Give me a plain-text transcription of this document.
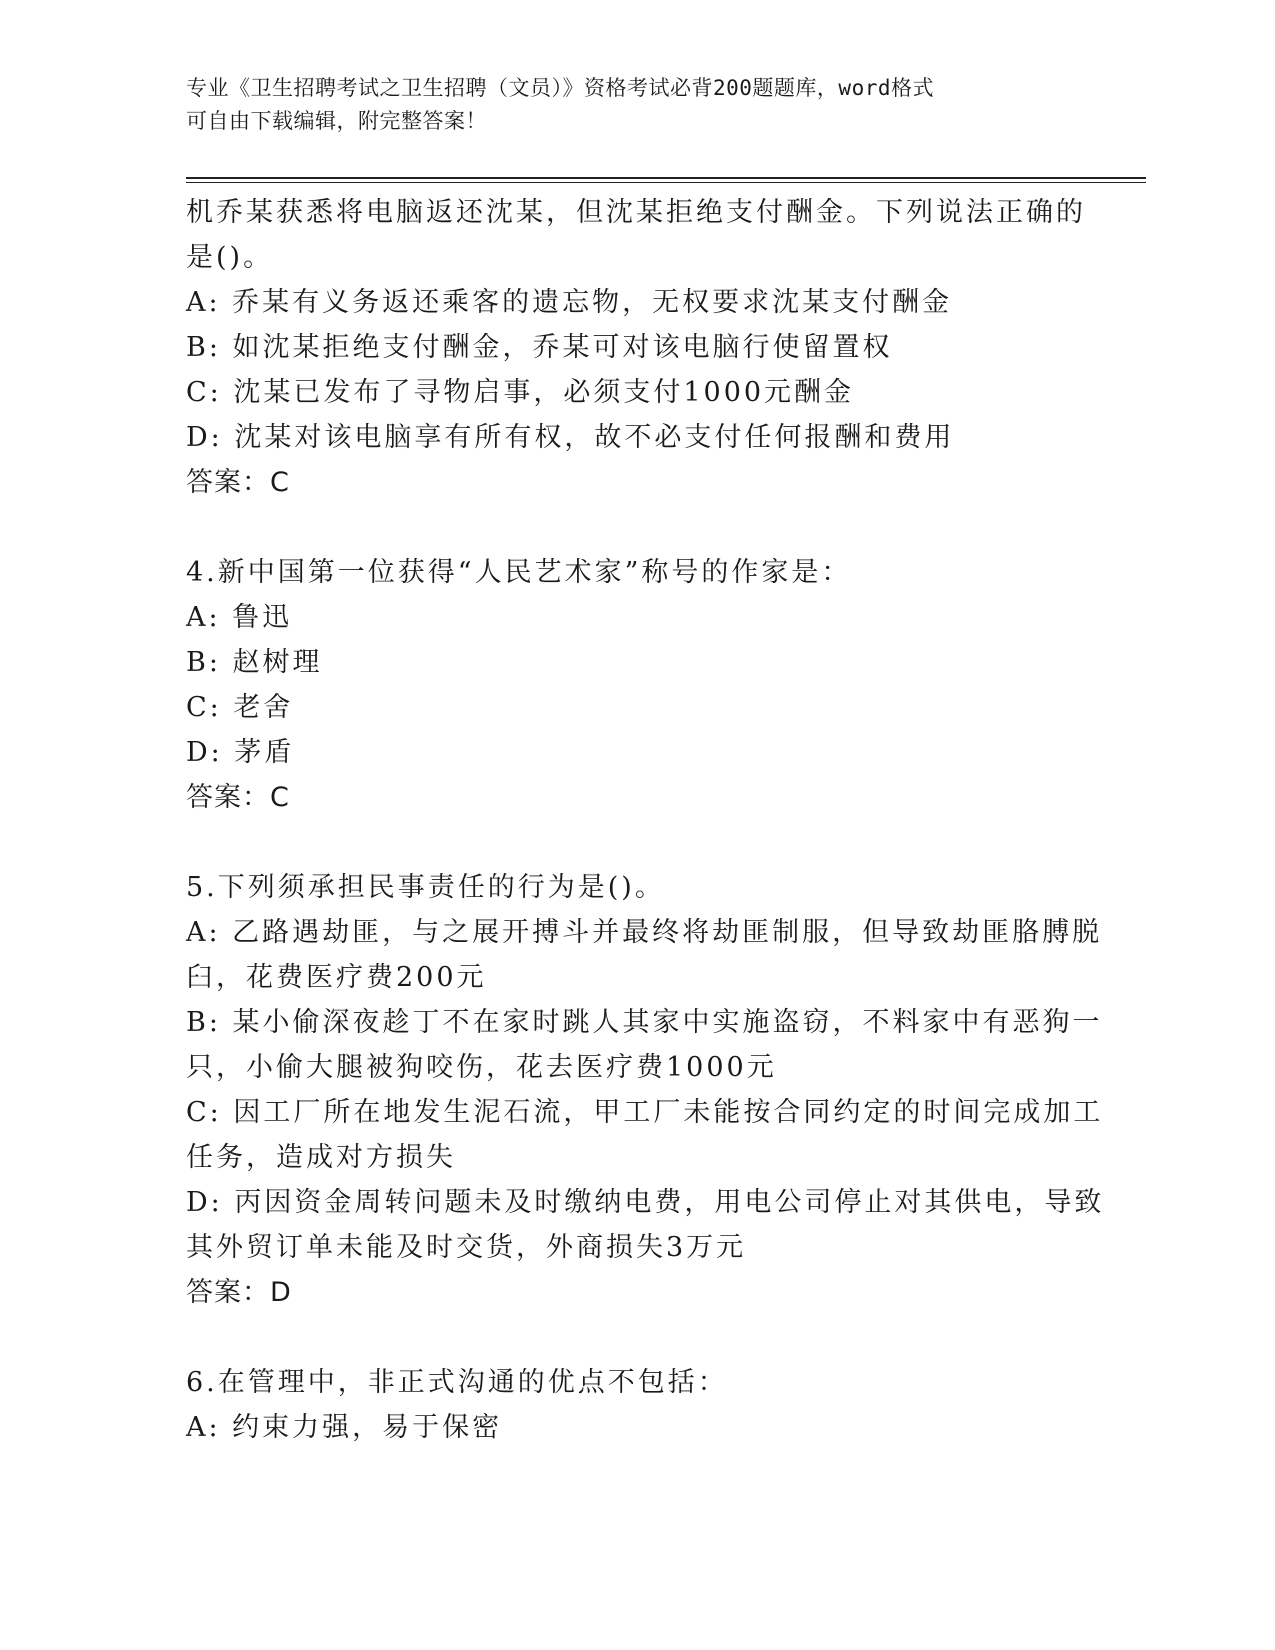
专业《卫生招聘考试之卫生招聘（文员）》资格考试必背200题题库，word格式
可自由下载编辑，附完整答案！
机乔某获悉将电脑返还沈某，但沈某拒绝支付酬金。下列说法正确的
是()。
A: 乔某有义务返还乘客的遗忘物，无权要求沈某支付酬金
B: 如沈某拒绝支付酬金，乔某可对该电脑行使留置权
C: 沈某已发布了寻物启事，必须支付1000元酬金
D: 沈某对该电脑享有所有权，故不必支付任何报酬和费用
答案：C
4.新中国第一位获得“人民艺术家”称号的作家是：
A: 鲁迅
B: 赵树理
C: 老舍
D: 茅盾
答案：C
5.下列须承担民事责任的行为是()。
A: 乙路遇劫匪，与之展开搏斗并最终将劫匪制服，但导致劫匪胳膊脱
臼，花费医疗费200元
B: 某小偷深夜趁丁不在家时跳人其家中实施盗窃，不料家中有恶狗一
只，小偷大腿被狗咬伤，花去医疗费1000元
C: 因工厂所在地发生泥石流，甲工厂未能按合同约定的时间完成加工
任务，造成对方损失
D: 丙因资金周转问题未及时缴纳电费，用电公司停止对其供电，导致
其外贸订单未能及时交货，外商损失3万元
答案：D
6.在管理中，非正式沟通的优点不包括：
A: 约束力强，易于保密
